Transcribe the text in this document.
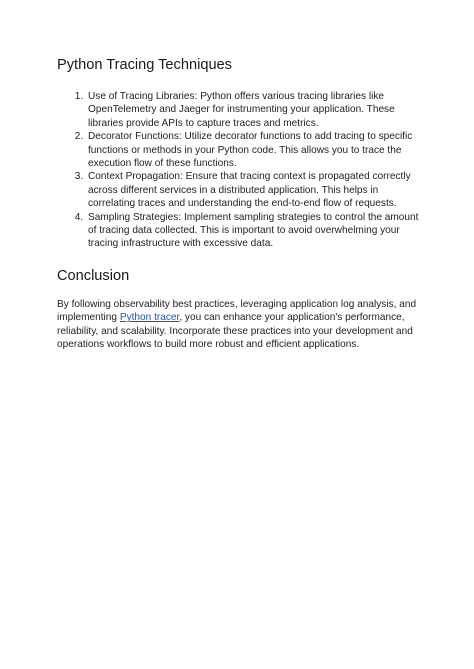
Python Tracing Techniques
1. Use of Tracing Libraries: Python offers various tracing libraries like OpenTelemetry and Jaeger for instrumenting your application. These libraries provide APIs to capture traces and metrics.
2. Decorator Functions: Utilize decorator functions to add tracing to specific functions or methods in your Python code. This allows you to trace the execution flow of these functions.
3. Context Propagation: Ensure that tracing context is propagated correctly across different services in a distributed application. This helps in correlating traces and understanding the end-to-end flow of requests.
4. Sampling Strategies: Implement sampling strategies to control the amount of tracing data collected. This is important to avoid overwhelming your tracing infrastructure with excessive data.
Conclusion

By following observability best practices, leveraging application log analysis, and implementing Python tracer, you can enhance your application's performance, reliability, and scalability. Incorporate these practices into your development and operations workflows to build more robust and efficient applications.
